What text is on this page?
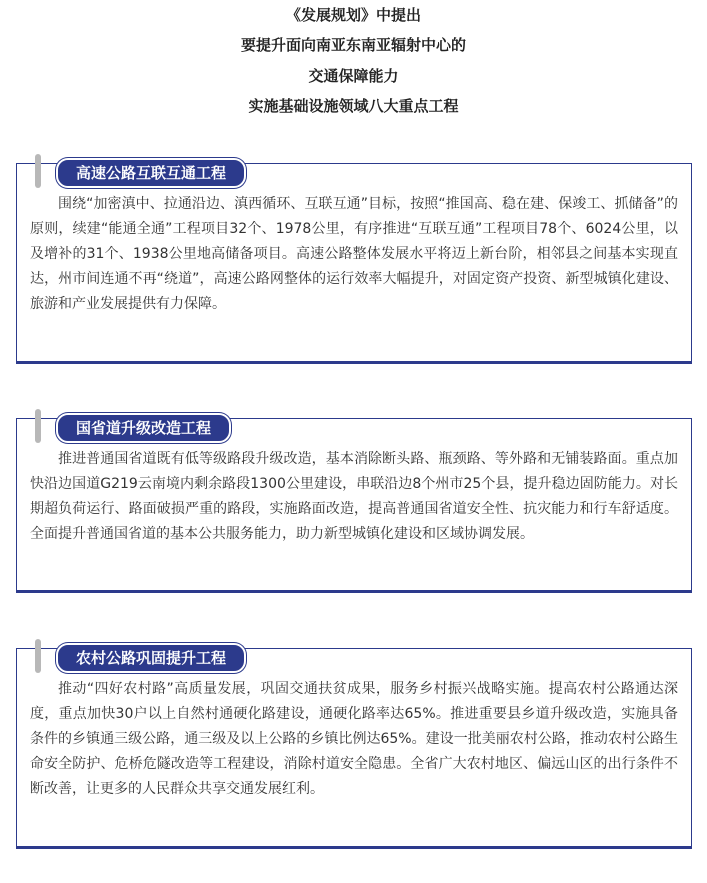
《发展规划》中提出
要提升面向南亚东南亚辐射中心的
交通保障能力
实施基础设施领域八大重点工程

围绕“加密滇中、拉通沿边、滇西循环、互联互通”目标，按照“推国高、稳在建、保竣工、抓储备”的原则，续建“能通全通”工程项目32个、1978公里，有序推进“互联互通”工程项目78个、6024公里，以及增补的31个、1938公里地高储备项目。高速公路整体发展水平将迈上新台阶，相邻县之间基本实现直达，州市间连通不再“绕道”，高速公路网整体的运行效率大幅提升，对固定资产投资、新型城镇化建设、旅游和产业发展提供有力保障。

高速公路互联互通工程

推进普通国省道既有低等级路段升级改造，基本消除断头路、瓶颈路、等外路和无铺装路面。重点加快沿边国道G219云南境内剩余路段1300公里建设，串联沿边8个州市25个县，提升稳边固防能力。对长期超负荷运行、路面破损严重的路段，实施路面改造，提高普通国省道安全性、抗灾能力和行车舒适度。全面提升普通国省道的基本公共服务能力，助力新型城镇化建设和区域协调发展。

国省道升级改造工程

推动“四好农村路”高质量发展，巩固交通扶贫成果，服务乡村振兴战略实施。提高农村公路通达深度，重点加快30户以上自然村通硬化路建设，通硬化路率达65%。推进重要县乡道升级改造，实施具备条件的乡镇通三级公路，通三级及以上公路的乡镇比例达65%。建设一批美丽农村公路，推动农村公路生命安全防护、危桥危隧改造等工程建设，消除村道安全隐患。全省广大农村地区、偏远山区的出行条件不断改善，让更多的人民群众共享交通发展红利。

农村公路巩固提升工程
